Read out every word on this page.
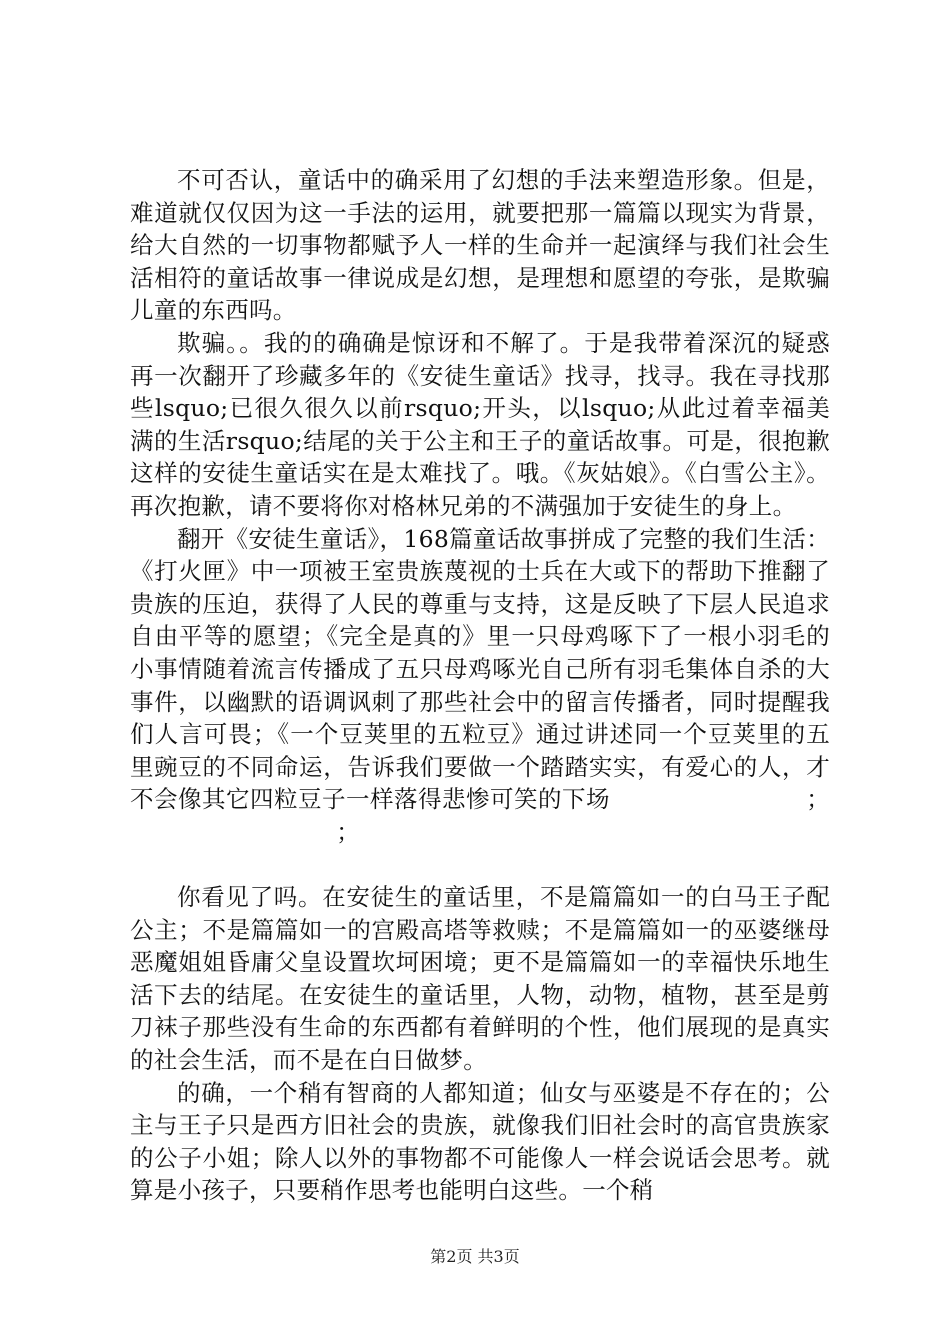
不可否认，童话中的确采用了幻想的手法来塑造形象。但是，难道就仅仅因为这一手法的运用，就要把那一篇篇以现实为背景，给大自然的一切事物都赋予人一样的生命并一起演绎与我们社会生活相符的童话故事一律说成是幻想，是理想和愿望的夸张，是欺骗儿童的东西吗。

欺骗。。我的的确确是惊讶和不解了。于是我带着深沉的疑惑再一次翻开了珍藏多年的《安徒生童话》找寻，找寻。我在寻找那些lsquo;已很久很久以前rsquo;开头，以lsquo;从此过着幸福美满的生活rsquo;结尾的关于公主和王子的童话故事。可是，很抱歉这样的安徒生童话实在是太难找了。哦。《灰姑娘》。《白雪公主》。再次抱歉，请不要将你对格林兄弟的不满强加于安徒生的身上。

翻开《安徒生童话》，168篇童话故事拼成了完整的我们生活：《打火匣》中一项被王室贵族蔑视的士兵在大或下的帮助下推翻了贵族的压迫，获得了人民的尊重与支持，这是反映了下层人民追求自由平等的愿望；《完全是真的》里一只母鸡啄下了一根小羽毛的小事情随着流言传播成了五只母鸡啄光自己所有羽毛集体自杀的大事件，以幽默的语调讽刺了那些社会中的留言传播者，同时提醒我们人言可畏；《一个豆荚里的五粒豆》通过讲述同一个豆荚里的五里豌豆的不同命运，告诉我们要做一个踏踏实实，有爱心的人，才不会像其它四粒豆子一样落得悲惨可笑的下场	；；

你看见了吗。在安徒生的童话里，不是篇篇如一的白马王子配公主；不是篇篇如一的宫殿高塔等救赎；不是篇篇如一的巫婆继母恶魔姐姐昏庸父皇设置坎坷困境；更不是篇篇如一的幸福快乐地生活下去的结尾。在安徒生的童话里，人物，动物，植物，甚至是剪刀袜子那些没有生命的东西都有着鲜明的个性，他们展现的是真实的社会生活，而不是在白日做梦。

的确，一个稍有智商的人都知道；仙女与巫婆是不存在的；公主与王子只是西方旧社会的贵族，就像我们旧社会时的高官贵族家的公子小姐；除人以外的事物都不可能像人一样会说话会思考。就算是小孩子，只要稍作思考也能明白这些。一个稍

第2页 共3页
